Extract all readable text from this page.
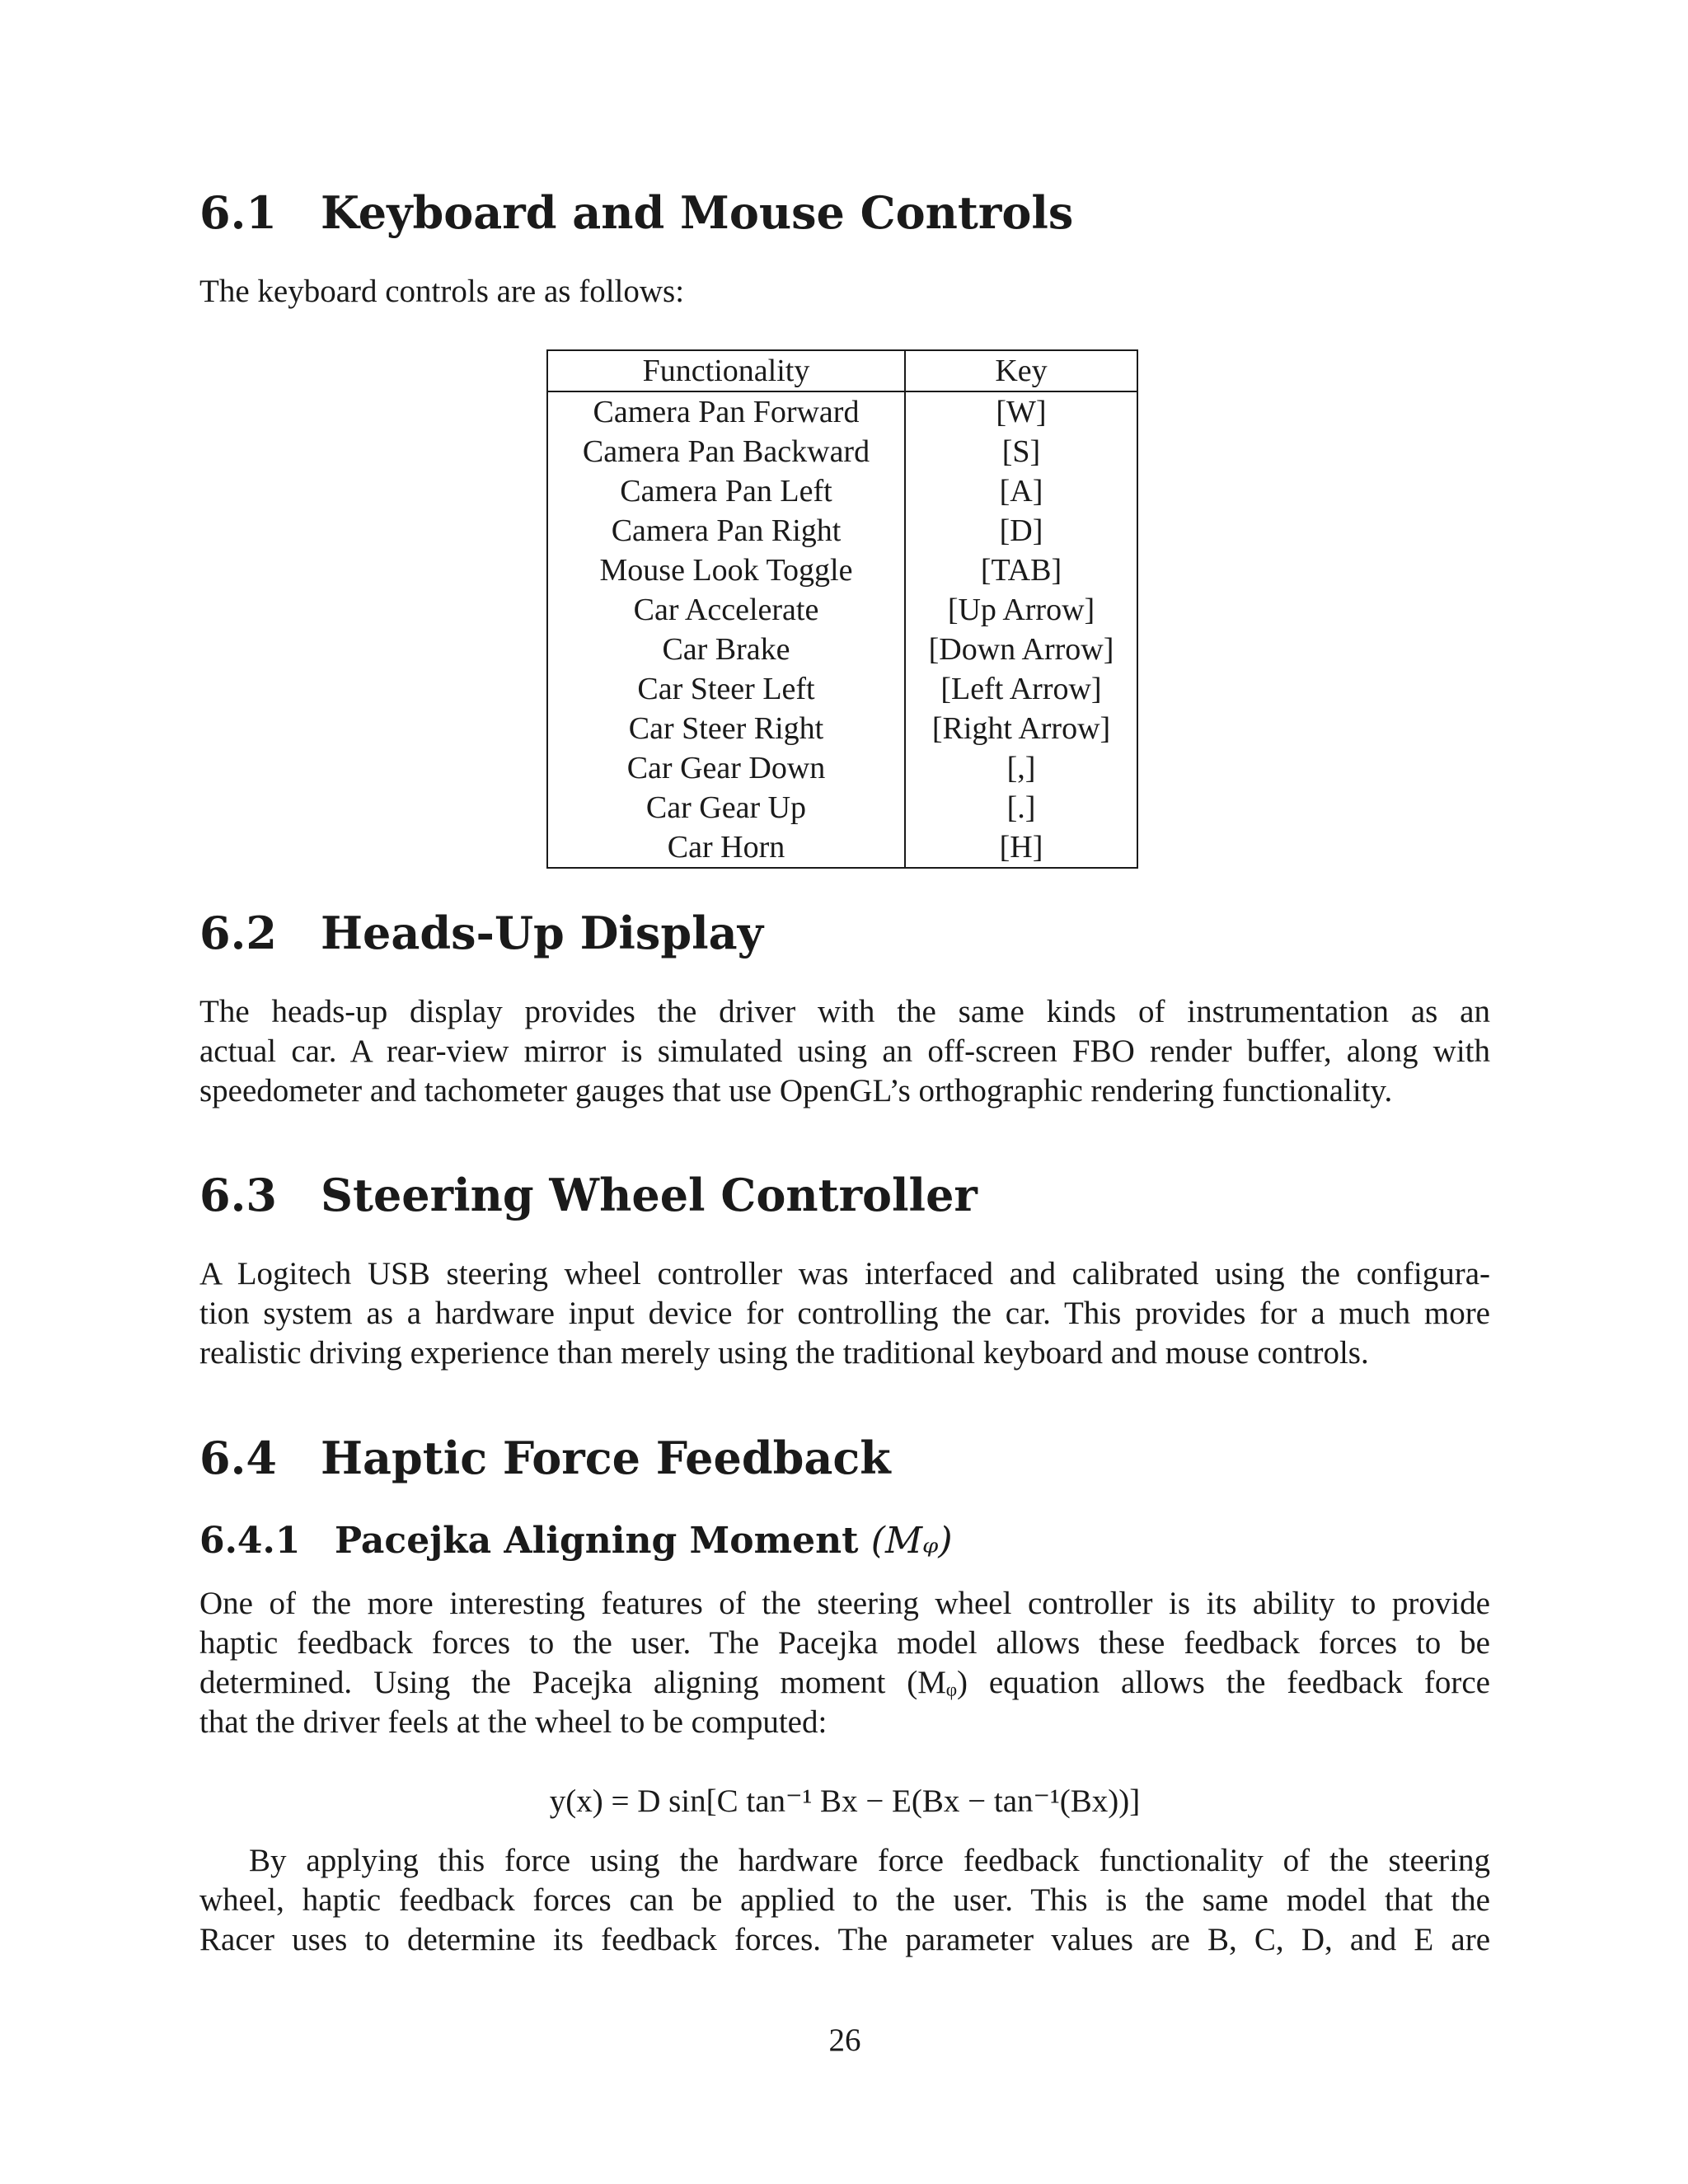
6.1 Keyboard and Mouse Controls

The keyboard controls are as follows:

Functionality	Key
Camera Pan Forward	[W]
Camera Pan Backward	[S]
Camera Pan Left	[A]
Camera Pan Right	[D]
Mouse Look Toggle	[TAB]
Car Accelerate	[Up Arrow]
Car Brake	[Down Arrow]
Car Steer Left	[Left Arrow]
Car Steer Right	[Right Arrow]
Car Gear Down	[,]
Car Gear Up	[.]
Car Horn	[H]
6.2 Heads-Up Display

The heads-up display provides the driver with the same kinds of instrumentation as an
actual car. A rear-view mirror is simulated using an off-screen FBO render buffer, along with
speedometer and tachometer gauges that use OpenGL’s orthographic rendering functionality.

6.3 Steering Wheel Controller

A Logitech USB steering wheel controller was interfaced and calibrated using the configura-
tion system as a hardware input device for controlling the car. This provides for a much more
realistic driving experience than merely using the traditional keyboard and mouse controls.

6.4 Haptic Force Feedback
6.4.1 Pacejka Aligning Moment (Mᵩ)

One of the more interesting features of the steering wheel controller is its ability to provide
haptic feedback forces to the user. The Pacejka model allows these feedback forces to be
determined. Using the Pacejka aligning moment (Mᵩ) equation allows the feedback force
that the driver feels at the wheel to be computed:

y(x) = D sin[C tan⁻¹ Bx − E(Bx − tan⁻¹(Bx))]

By applying this force using the hardware force feedback functionality of the steering
wheel, haptic feedback forces can be applied to the user. This is the same model that the
Racer uses to determine its feedback forces. The parameter values are B, C, D, and E are

26
